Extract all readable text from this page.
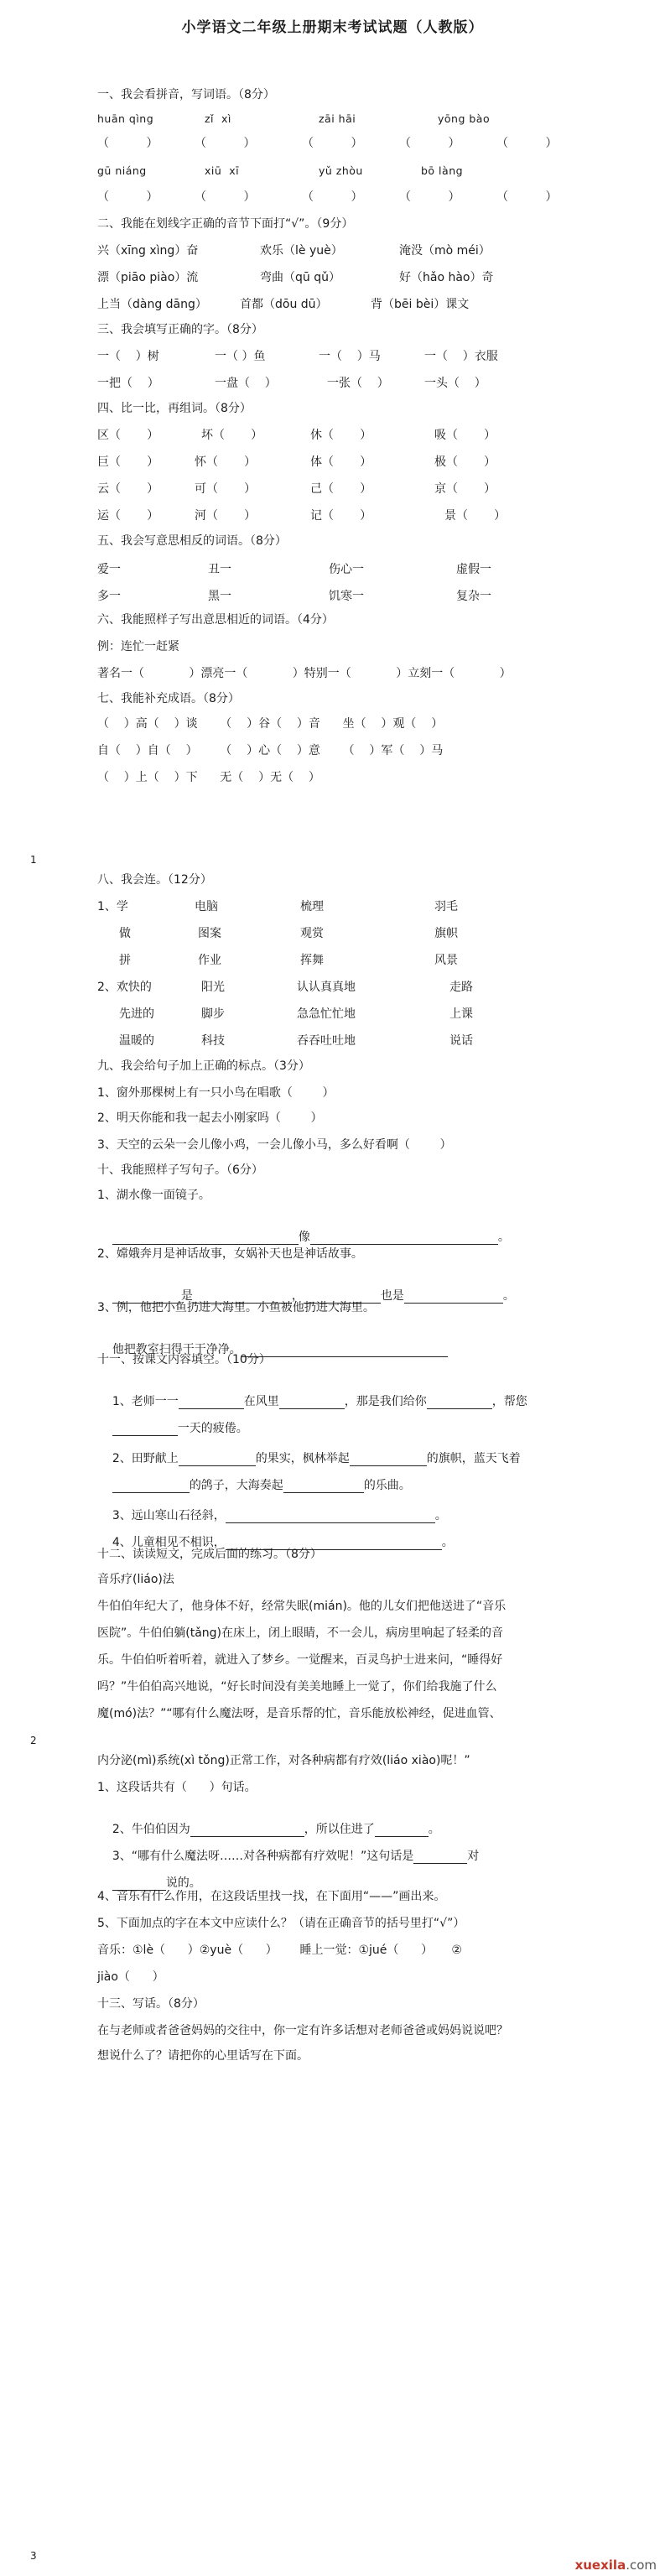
小学语文二年级上册期末考试试题（人教版）
一、我会看拼音，写词语。（8分）
huān qìng	zǐ  xì	zāi hāi	yōng bào
（          ）	（          ）	（          ）	（          ）	（          ）
gū niáng	xiū  xī	yǔ zhòu	bō làng
（          ）	（          ）	（          ）	（          ）	（          ）
二、我能在划线字正确的音节下面打“√”。（9分）
兴（xīng xìng）奋	欢乐（lè yuè）	淹没（mò méi）
漂（piāo piào）流	弯曲（qū qǔ）	好（hǎo hào）奇
上当（dàng dāng）	首都（dōu dū）	背（bēi bèi）课文
三、我会填写正确的字。（8分）
一（    ）树	一（ ）鱼	一（    ）马	一（    ）衣服
一把（    ）	一盘（    ）	一张（    ）	一头（    ）
四、比一比，再组词。（8分）
区（       ）	坏（       ）	休（       ）	吸（       ）
巨（       ）	怀（       ）	体（       ）	极（       ）
云（       ）	可（       ）	己（       ）	京（       ）
运（       ）	河（       ）	记（       ）	景（       ）
五、我会写意思相反的词语。（8分）
爱一	丑一	伤心一	虚假一
多一	黑一	饥寒一	复杂一
六、我能照样子写出意思相近的词语。（4分）
例：连忙一赶紧
著名一（            ）漂亮一（            ）特别一（            ）立刻一（            ）
七、我能补充成语。（8分）
（    ）高（    ）谈      （    ）谷（    ）音      坐（    ）观（    ）
自（    ）自（    ）      （    ）心（    ）意      （    ）军（    ）马
（    ）上（    ）下      无（    ）无（    ）
1
八、我会连。（12分）
1、学	电脑	梳理	羽毛
做	图案	观赏	旗帜
拼	作业	挥舞	风景
2、欢快的	阳光	认认真真地	走路
先进的	脚步	急急忙忙地	上课
温暖的	科技	吞吞吐吐地	说话
九、我会给句子加上正确的标点。（3分）
1、窗外那棵树上有一只小鸟在唱歌（        ）
2、明天你能和我一起去小刚家吗（        ）
3、天空的云朵一会儿像小鸡，一会儿像小马，多么好看啊（        ）
十、我能照样子写句子。（6分）
1、湖水像一面镜子。

像	。

2、嫦娥奔月是神话故事，女娲补天也是神话故事。

是	，	也是	。

3、例，他把小鱼扔进大海里。小鱼被他扔进大海里。

他把教室扫得干干净净。

十一、按课文内容填空。（10分）

1、老师一一	在风里	，那是我们给你	，帮您

一天的疲倦。

2、田野献上	的果实，枫林举起	的旗帜，蓝天飞着

的鸽子，大海奏起	的乐曲。

3、远山寒山石径斜，	。

4、儿童相见不相识，	。

十二、读读短文，完成后面的练习。（8分）
音乐疗(liáo)法
牛伯伯年纪大了，他身体不好，经常失眠(mián)。他的儿女们把他送进了“音乐
医院”。牛伯伯躺(tǎng)在床上，闭上眼睛，不一会儿，病房里响起了轻柔的音
乐。牛伯伯听着听着，就进入了梦乡。一觉醒来，百灵鸟护士进来问，“睡得好
吗？”牛伯伯高兴地说，“好长时间没有美美地睡上一觉了，你们给我施了什么
魔(mó)法？”“哪有什么魔法呀，是音乐帮的忙，音乐能放松神经，促进血管、
2
内分泌(mì)系统(xì tǒng)正常工作，对各种病都有疗效(liáo xiào)呢！”
1、这段话共有（      ）句话。

2、牛伯伯因为	，所以住进了	。

3、“哪有什么魔法呀……对各种病都有疗效呢！”这句话是	对

说的。

4、音乐有什么作用，在这段话里找一找，在下面用“——”画出来。
5、下面加点的字在本文中应读什么？（请在正确音节的括号里打“√”）
音乐：①lè（      ）②yuè（      ）      睡上一觉：①jué（      ）     ②
jiào（      ）
十三、写话。（8分）
在与老师或者爸爸妈妈的交往中，你一定有许多话想对老师爸爸或妈妈说说吧？
想说什么了？请把你的心里话写在下面。
3
xuexila.com
